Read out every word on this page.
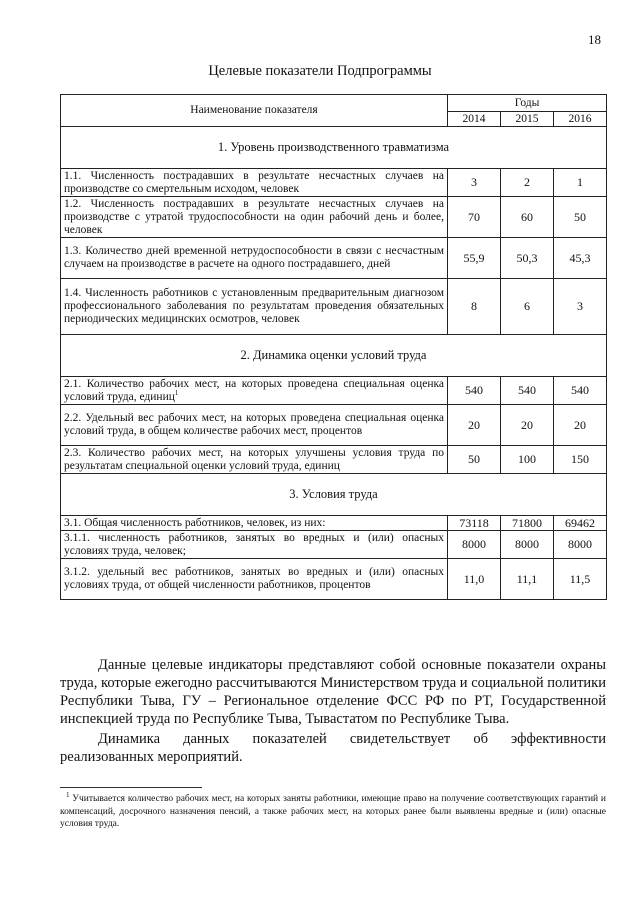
18
Целевые показатели Подпрограммы
Наименование показателя	Годы		
	2014	2015	2016
1. Уровень производственного травматизма			
1.1. Численность пострадавших в результате несчастных случаев на производстве со смертельным исходом, человек	3	2	1
1.2. Численность пострадавших в результате несчастных случаев на производстве с утратой трудоспособности на один рабочий день и более, человек	70	60	50
1.3. Количество дней временной нетрудоспособности в связи с несчастным случаем на производстве в расчете на одного пострадавшего, дней	55,9	50,3	45,3
1.4. Численность работников с установленным предварительным диагнозом профессионального заболевания по результатам проведения обязательных периодических медицинских осмотров, человек	8	6	3
2. Динамика оценки условий труда			
2.1. Количество рабочих мест, на которых проведена специальная оценка условий труда, единиц$^1$	540	540	540
2.2. Удельный вес рабочих мест, на которых проведена специальная оценка условий труда, в общем количестве рабочих мест, процентов	20	20	20
2.3. Количество рабочих мест, на которых улучшены условия труда по результатам специальной оценки условий труда, единиц	50	100	150
3. Условия труда			
3.1. Общая численность работников, человек, из них:	73118	71800	69462
3.1.1. численность работников, занятых во вредных и (или) опасных условиях труда, человек;	8000	8000	8000
3.1.2. удельный вес работников, занятых во вредных и (или) опасных условиях труда, от общей численности работников, процентов	11,0	11,1	11,5

Данные целевые индикаторы представляют собой основные показатели охраны труда, которые ежегодно рассчитываются Министерством труда и социальной политики Республики Тыва, ГУ – Региональное отделение ФСС РФ по РТ, Государственной инспекцией труда по Республике Тыва, Тывастатом по Республике Тыва.

Динамика данных показателей свидетельствует об эффективности реализованных мероприятий.

$^1$ Учитывается количество рабочих мест, на которых заняты работники, имеющие право на получение соответствующих гарантий и компенсаций, досрочного назначения пенсий, а также рабочих мест, на которых ранее были выявлены вредные и (или) опасные условия труда.
